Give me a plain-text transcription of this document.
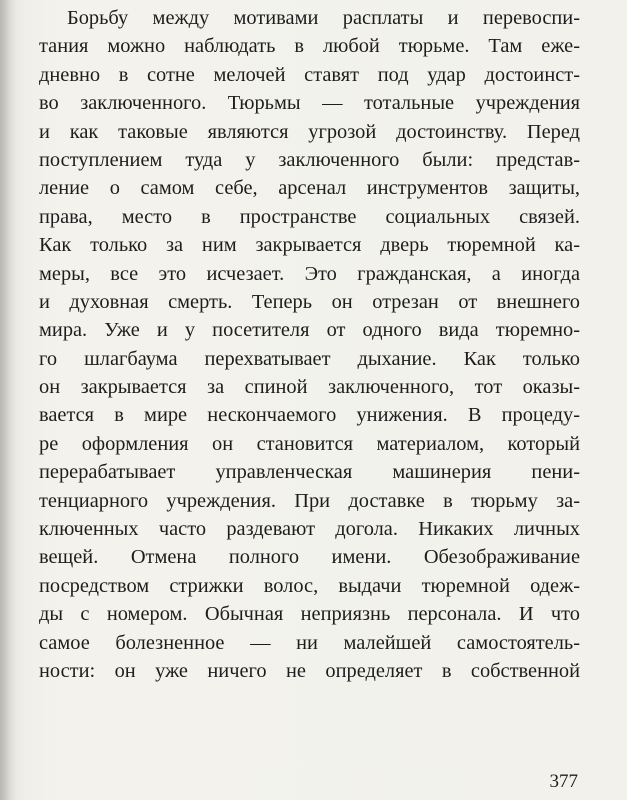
Борьбу между мотивами расплаты и перевоспи-
тания можно наблюдать в любой тюрьме. Там еже-
дневно в сотне мелочей ставят под удар достоинст-
во заключенного. Тюрьмы — тотальные учреждения
и как таковые являются угрозой достоинству. Перед
поступлением туда у заключенного были: представ-
ление о самом себе, арсенал инструментов защиты,
права, место в пространстве социальных связей.
Как только за ним закрывается дверь тюремной ка-
меры, все это исчезает. Это гражданская, а иногда
и духовная смерть. Теперь он отрезан от внешнего
мира. Уже и у посетителя от одного вида тюремно-
го шлагбаума перехватывает дыхание. Как только
он закрывается за спиной заключенного, тот оказы-
вается в мире нескончаемого унижения. В процеду-
ре оформления он становится материалом, который
перерабатывает управленческая машинерия пени-
тенциарного учреждения. При доставке в тюрьму за-
ключенных часто раздевают догола. Никаких личных
вещей. Отмена полного имени. Обезображивание
посредством стрижки волос, выдачи тюремной одеж-
ды с номером. Обычная неприязнь персонала. И что
самое болезненное — ни малейшей самостоятель-
ности: он уже ничего не определяет в собственной
377
